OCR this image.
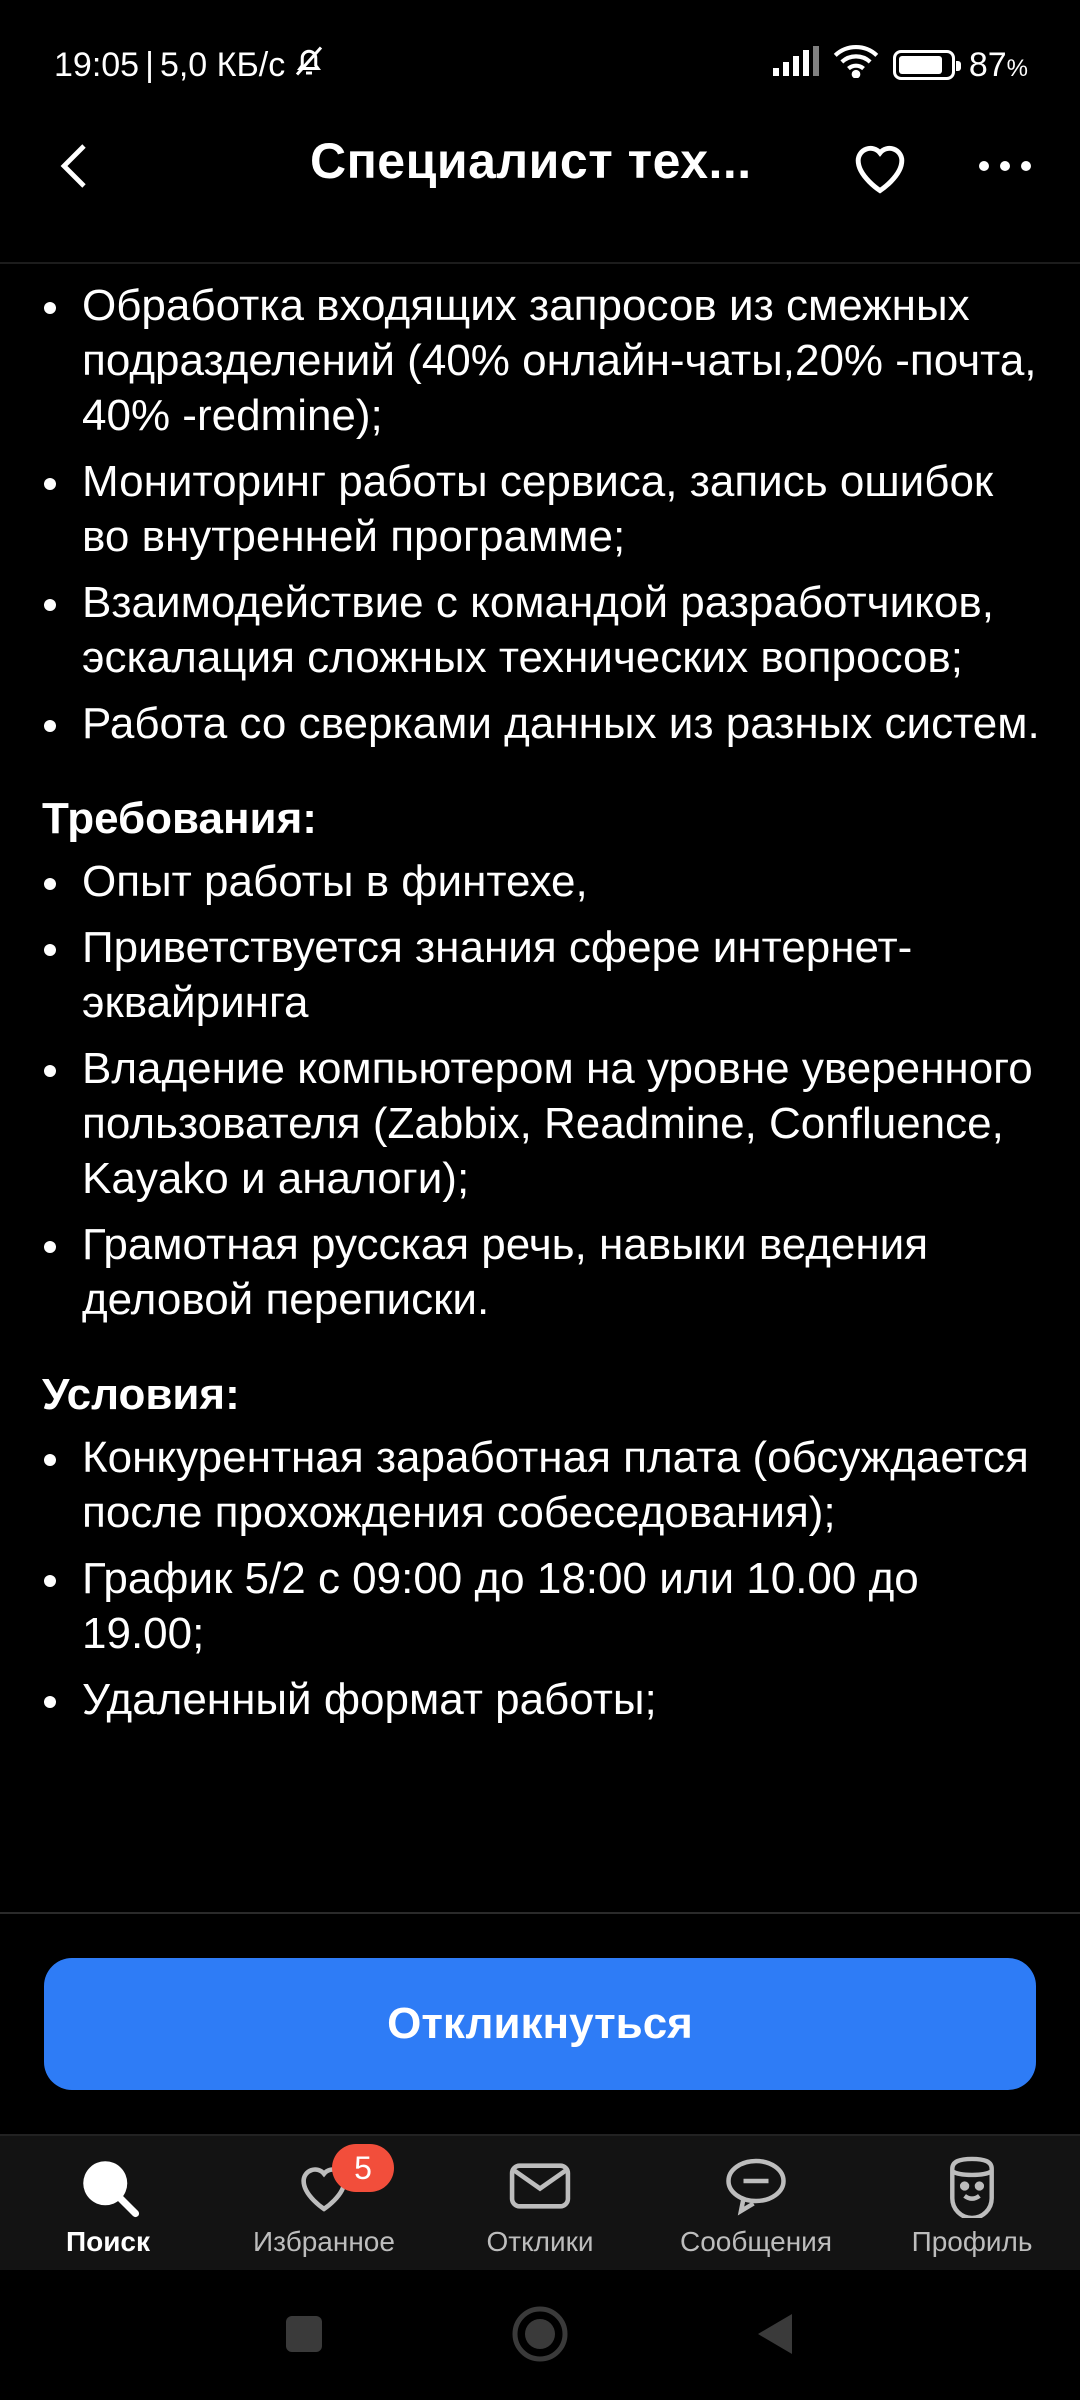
19:05 | 5,0 КБ/с	87%
Специалист тех...
Обработка входящих запросов из смежных подразделений (40% онлайн-чаты,20% -почта, 40% -redmine);
Мониторинг работы сервиса, запись ошибок во внутренней программе;
Взаимодействие с командой разработчиков, эскалация сложных технических вопросов;
Работа со сверками данных из разных систем.
Требования:
Опыт работы в финтехе,
Приветствуется знания сфере интернет-эквайринга
Владение компьютером на уровне уверенного пользователя (Zabbix, Readmine, Confluence, Kayako и аналоги);
Грамотная русская речь, навыки ведения деловой переписки.
Условия:
Конкурентная заработная плата (обсуждается после прохождения собеседования);
График 5/2 с 09:00 до 18:00 или 10.00 до 19.00;
Удаленный формат работы;
Откликнуться
Поиск
5
Избранное	Отклики	Сообщения	Профиль
